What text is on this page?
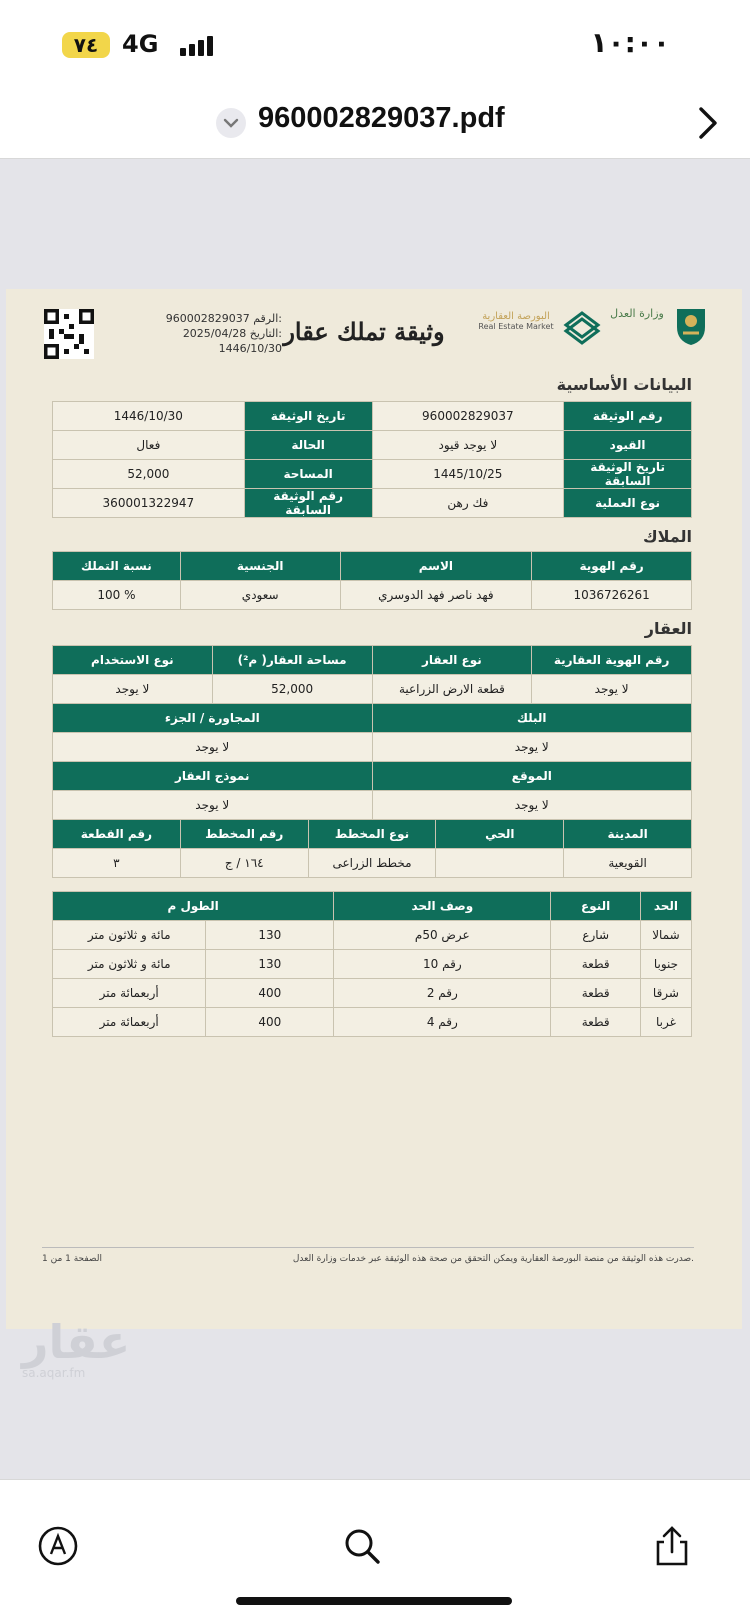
٧٤ 4G	١٠:٠٠
960002829037.pdf
960002829037 الرقم:
2025/04/28 التاريخ:
1446/10/30
وثيقة تملك عقار
البورصة العقارية
Real Estate Market
وزارة العدل
البيانات الأساسية
رقم الوثيقة	960002829037	تاريخ الوثيقة	1446/10/30
القيود	لا يوجد قيود	الحالة	فعال
تاريخ الوثيقة السابقة	1445/10/25	المساحة	52,000
نوع العملية	فك رهن	رقم الوثيقة السابقة	360001322947
الملاك
رقم الهوية	الاسم	الجنسية	نسبة التملك
1036726261	فهد ناصر فهد الدوسري	سعودي	% 100
العقار
رقم الهوية العقارية	نوع العقار	مساحة العقار( م²)	نوع الاستخدام
لا يوجد	قطعة الارض الزراعية	52,000	لا يوجد
البلك		المجاورة / الجزء	
لا يوجد		لا يوجد	
الموقع		نموذج العقار	
لا يوجد		لا يوجد	
المدينة	الحي	نوع المخطط	رقم المخطط	رقم القطعة
القويعية		مخطط الزراعى	١٦٤ / ج	٣
الحد	النوع	وصف الحد	الطول م	
شمالا	شارع	عرض 50م	130	مائة و ثلاثون متر
جنوبا	قطعة	رقم 10	130	مائة و ثلاثون متر
شرقا	قطعة	رقم 2	400	أربعمائة متر
غربا	قطعة	رقم 4	400	أربعمائة متر
صدرت هذه الوثيقة من منصة البورصة العقارية ويمكن التحقق من صحة هذه الوثيقة عبر خدمات وزارة العدل.
الصفحة 1 من 1
عقار
sa.aqar.fm
